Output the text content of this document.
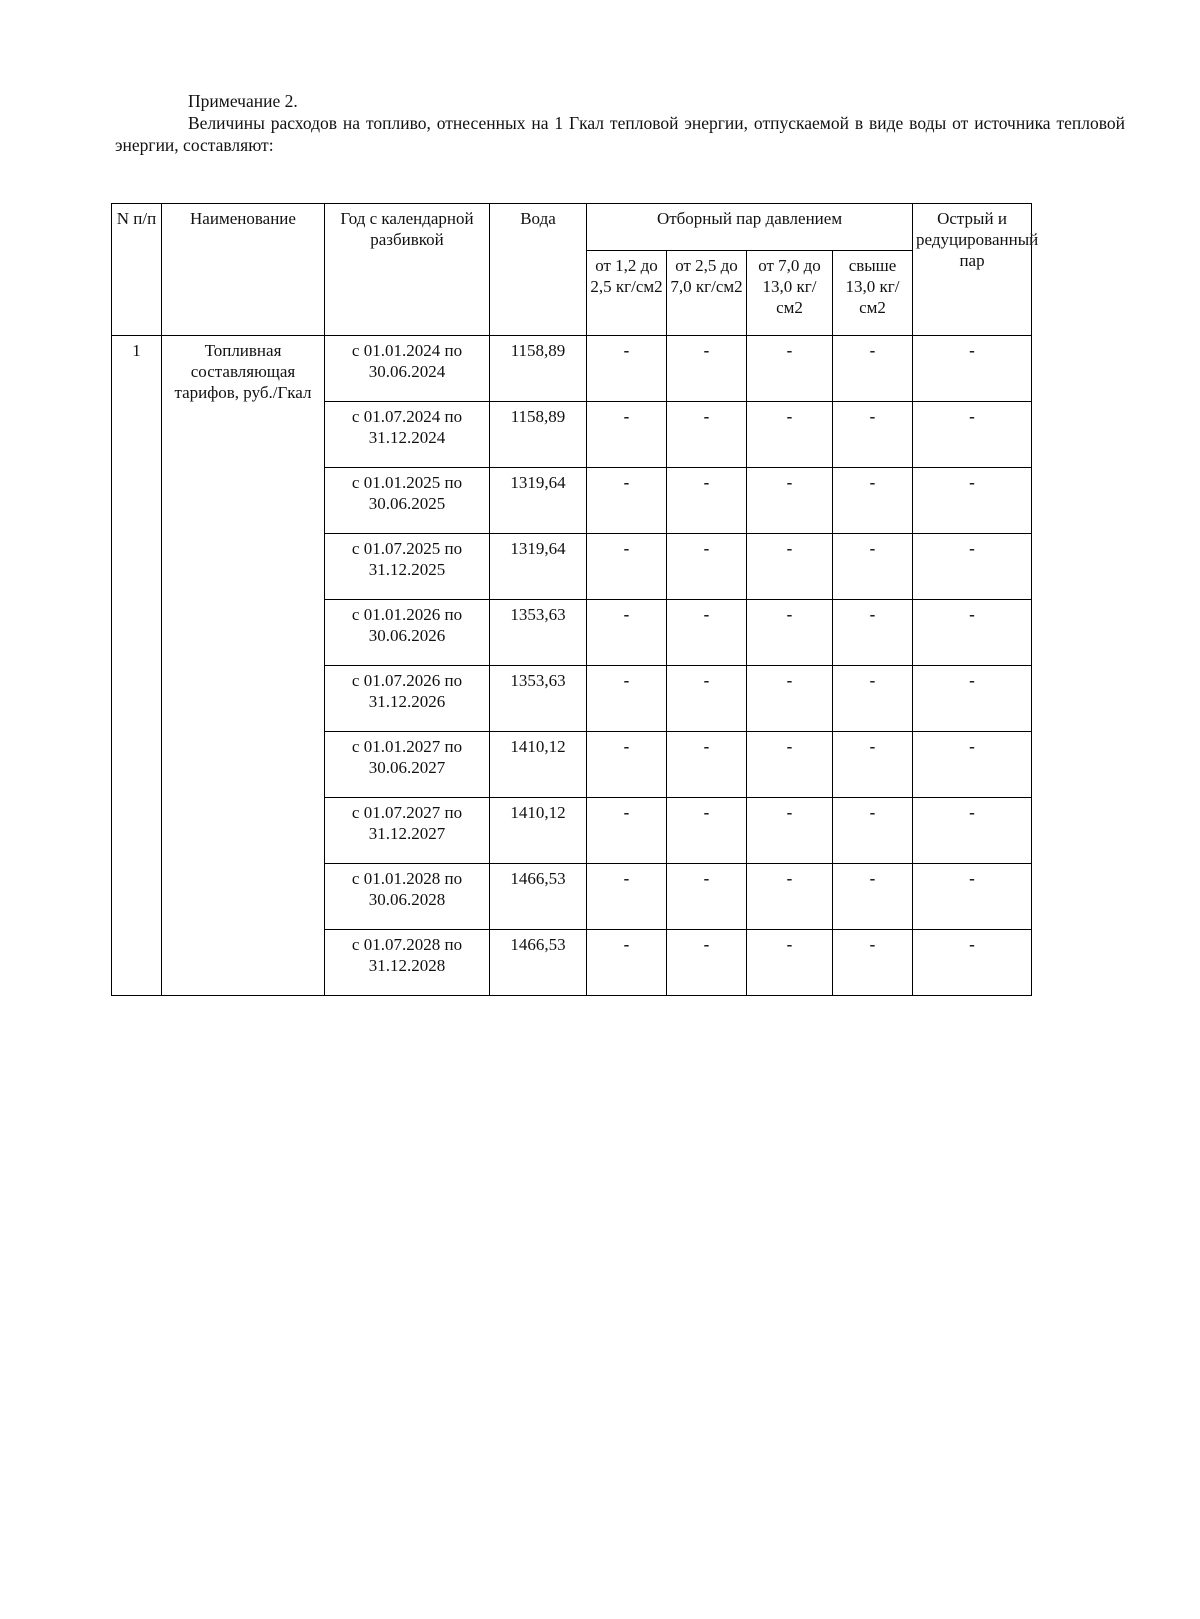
Примечание 2.
Величины расходов на топливо, отнесенных на 1 Гкал тепловой энергии, отпускаемой в виде воды от источника тепловой энергии, составляют:
N п/п	Наименование	Год с календарной разбивкой	Вода	Отборный пар давлением				Острый и редуцированный пар
				от 1,2 до 2,5 кг/см2	от 2,5 до 7,0 кг/см2	от 7,0 до 13,0 кг/см2	свыше 13,0 кг/см2	
1	Топливная составляющая тарифов, руб./Гкал	с 01.01.2024 по 30.06.2024	1158,89	-	-	-	-	-
		с 01.07.2024 по 31.12.2024	1158,89	-	-	-	-	-
		с 01.01.2025 по 30.06.2025	1319,64	-	-	-	-	-
		с 01.07.2025 по 31.12.2025	1319,64	-	-	-	-	-
		с 01.01.2026 по 30.06.2026	1353,63	-	-	-	-	-
		с 01.07.2026 по 31.12.2026	1353,63	-	-	-	-	-
		с 01.01.2027 по 30.06.2027	1410,12	-	-	-	-	-
		с 01.07.2027 по 31.12.2027	1410,12	-	-	-	-	-
		с 01.01.2028 по 30.06.2028	1466,53	-	-	-	-	-
		с 01.07.2028 по 31.12.2028	1466,53	-	-	-	-	-
